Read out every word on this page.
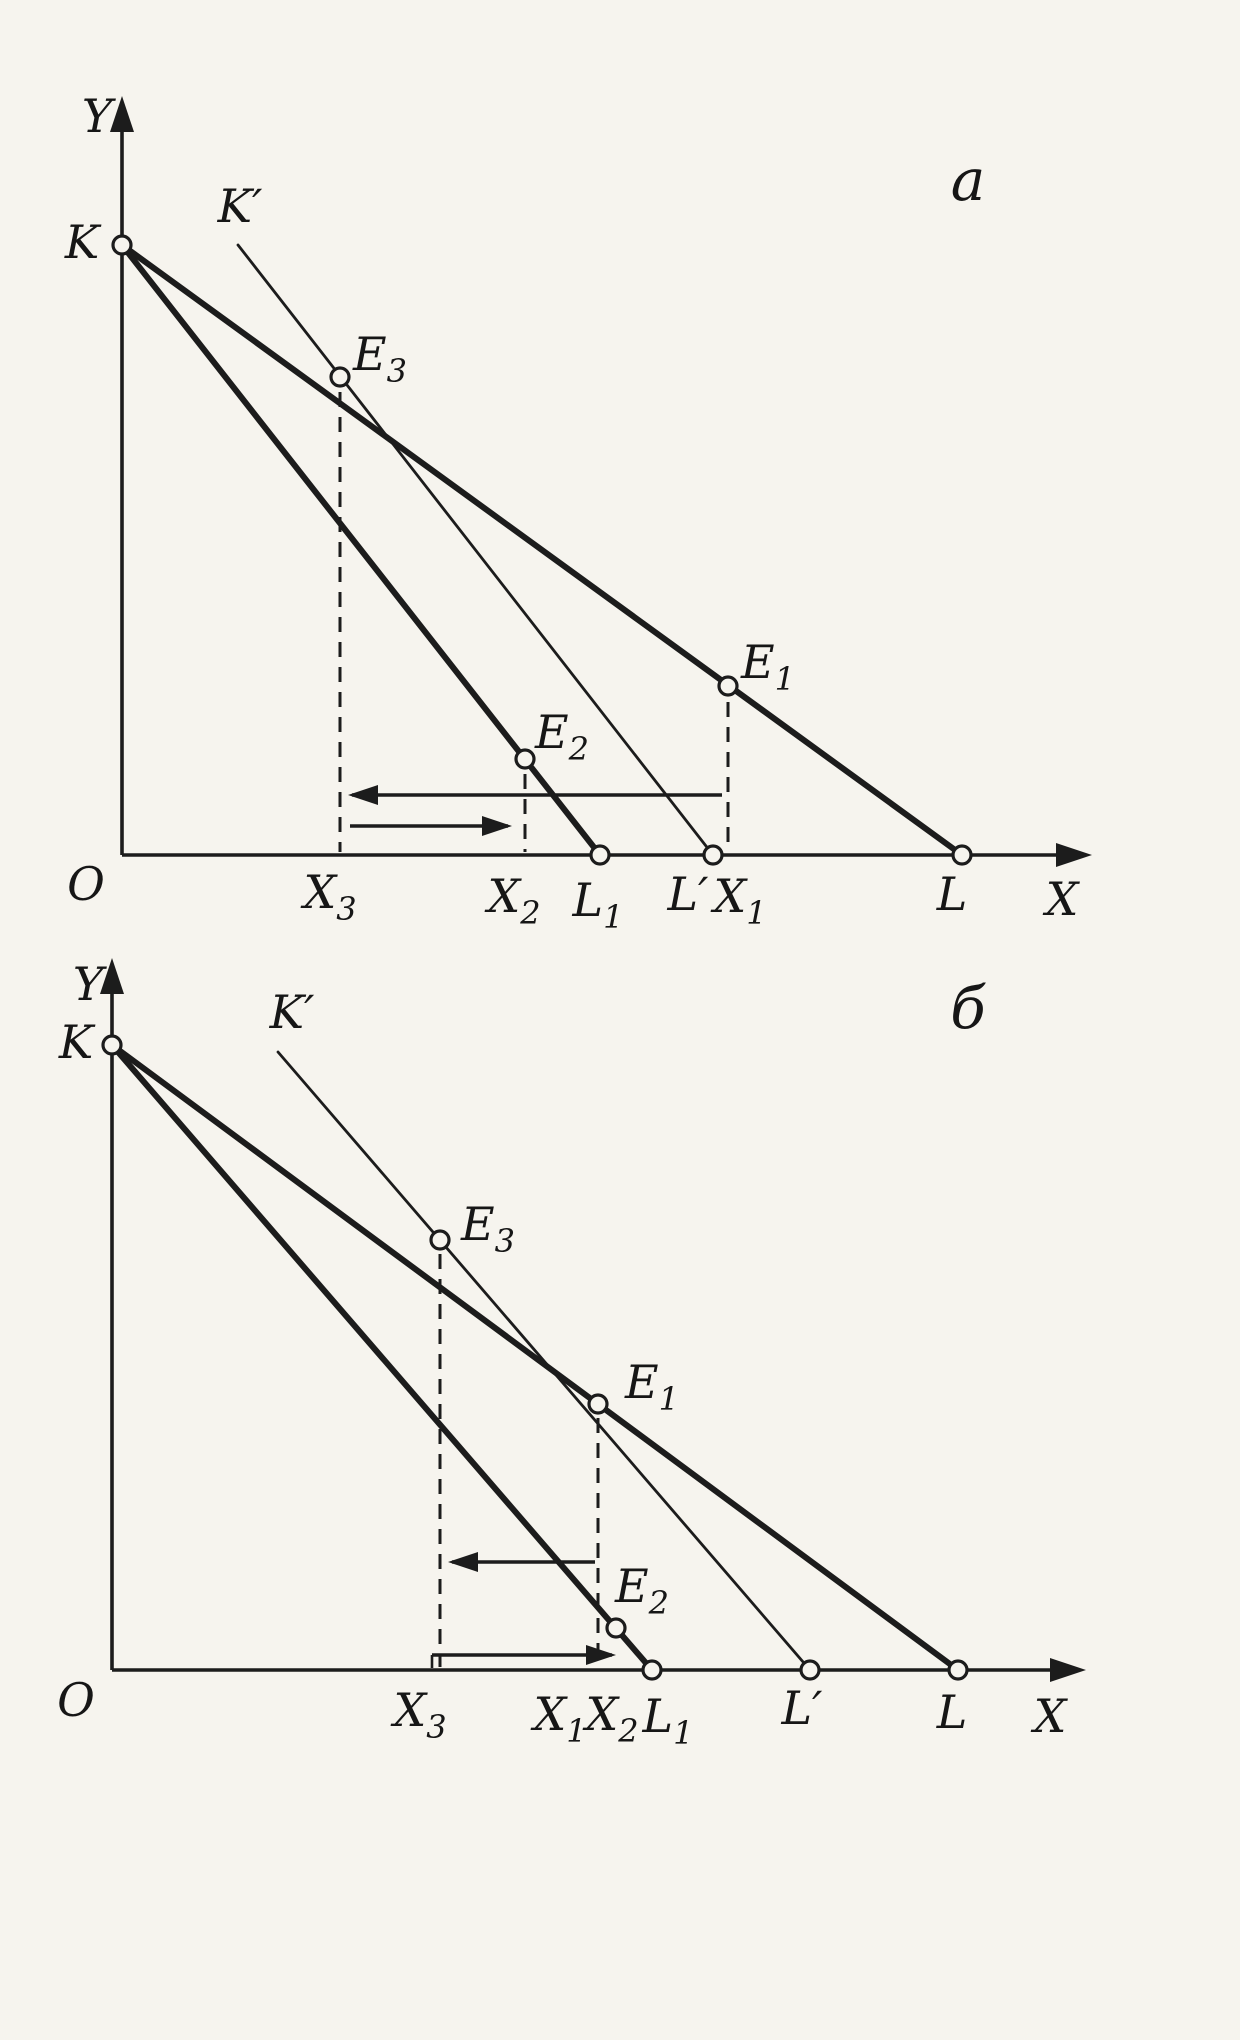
Y
O
K
K′
$E_3$
$E_1$
$E_2$
$X_3$	$X_2$ $L_1$ L′ $X_1$	L X
а
Y
O
K
K′
$E_3$
$E_1$
$E_2$
$X_3$ $X_1$
$X_2$ $L_1$ L′ L X
б
